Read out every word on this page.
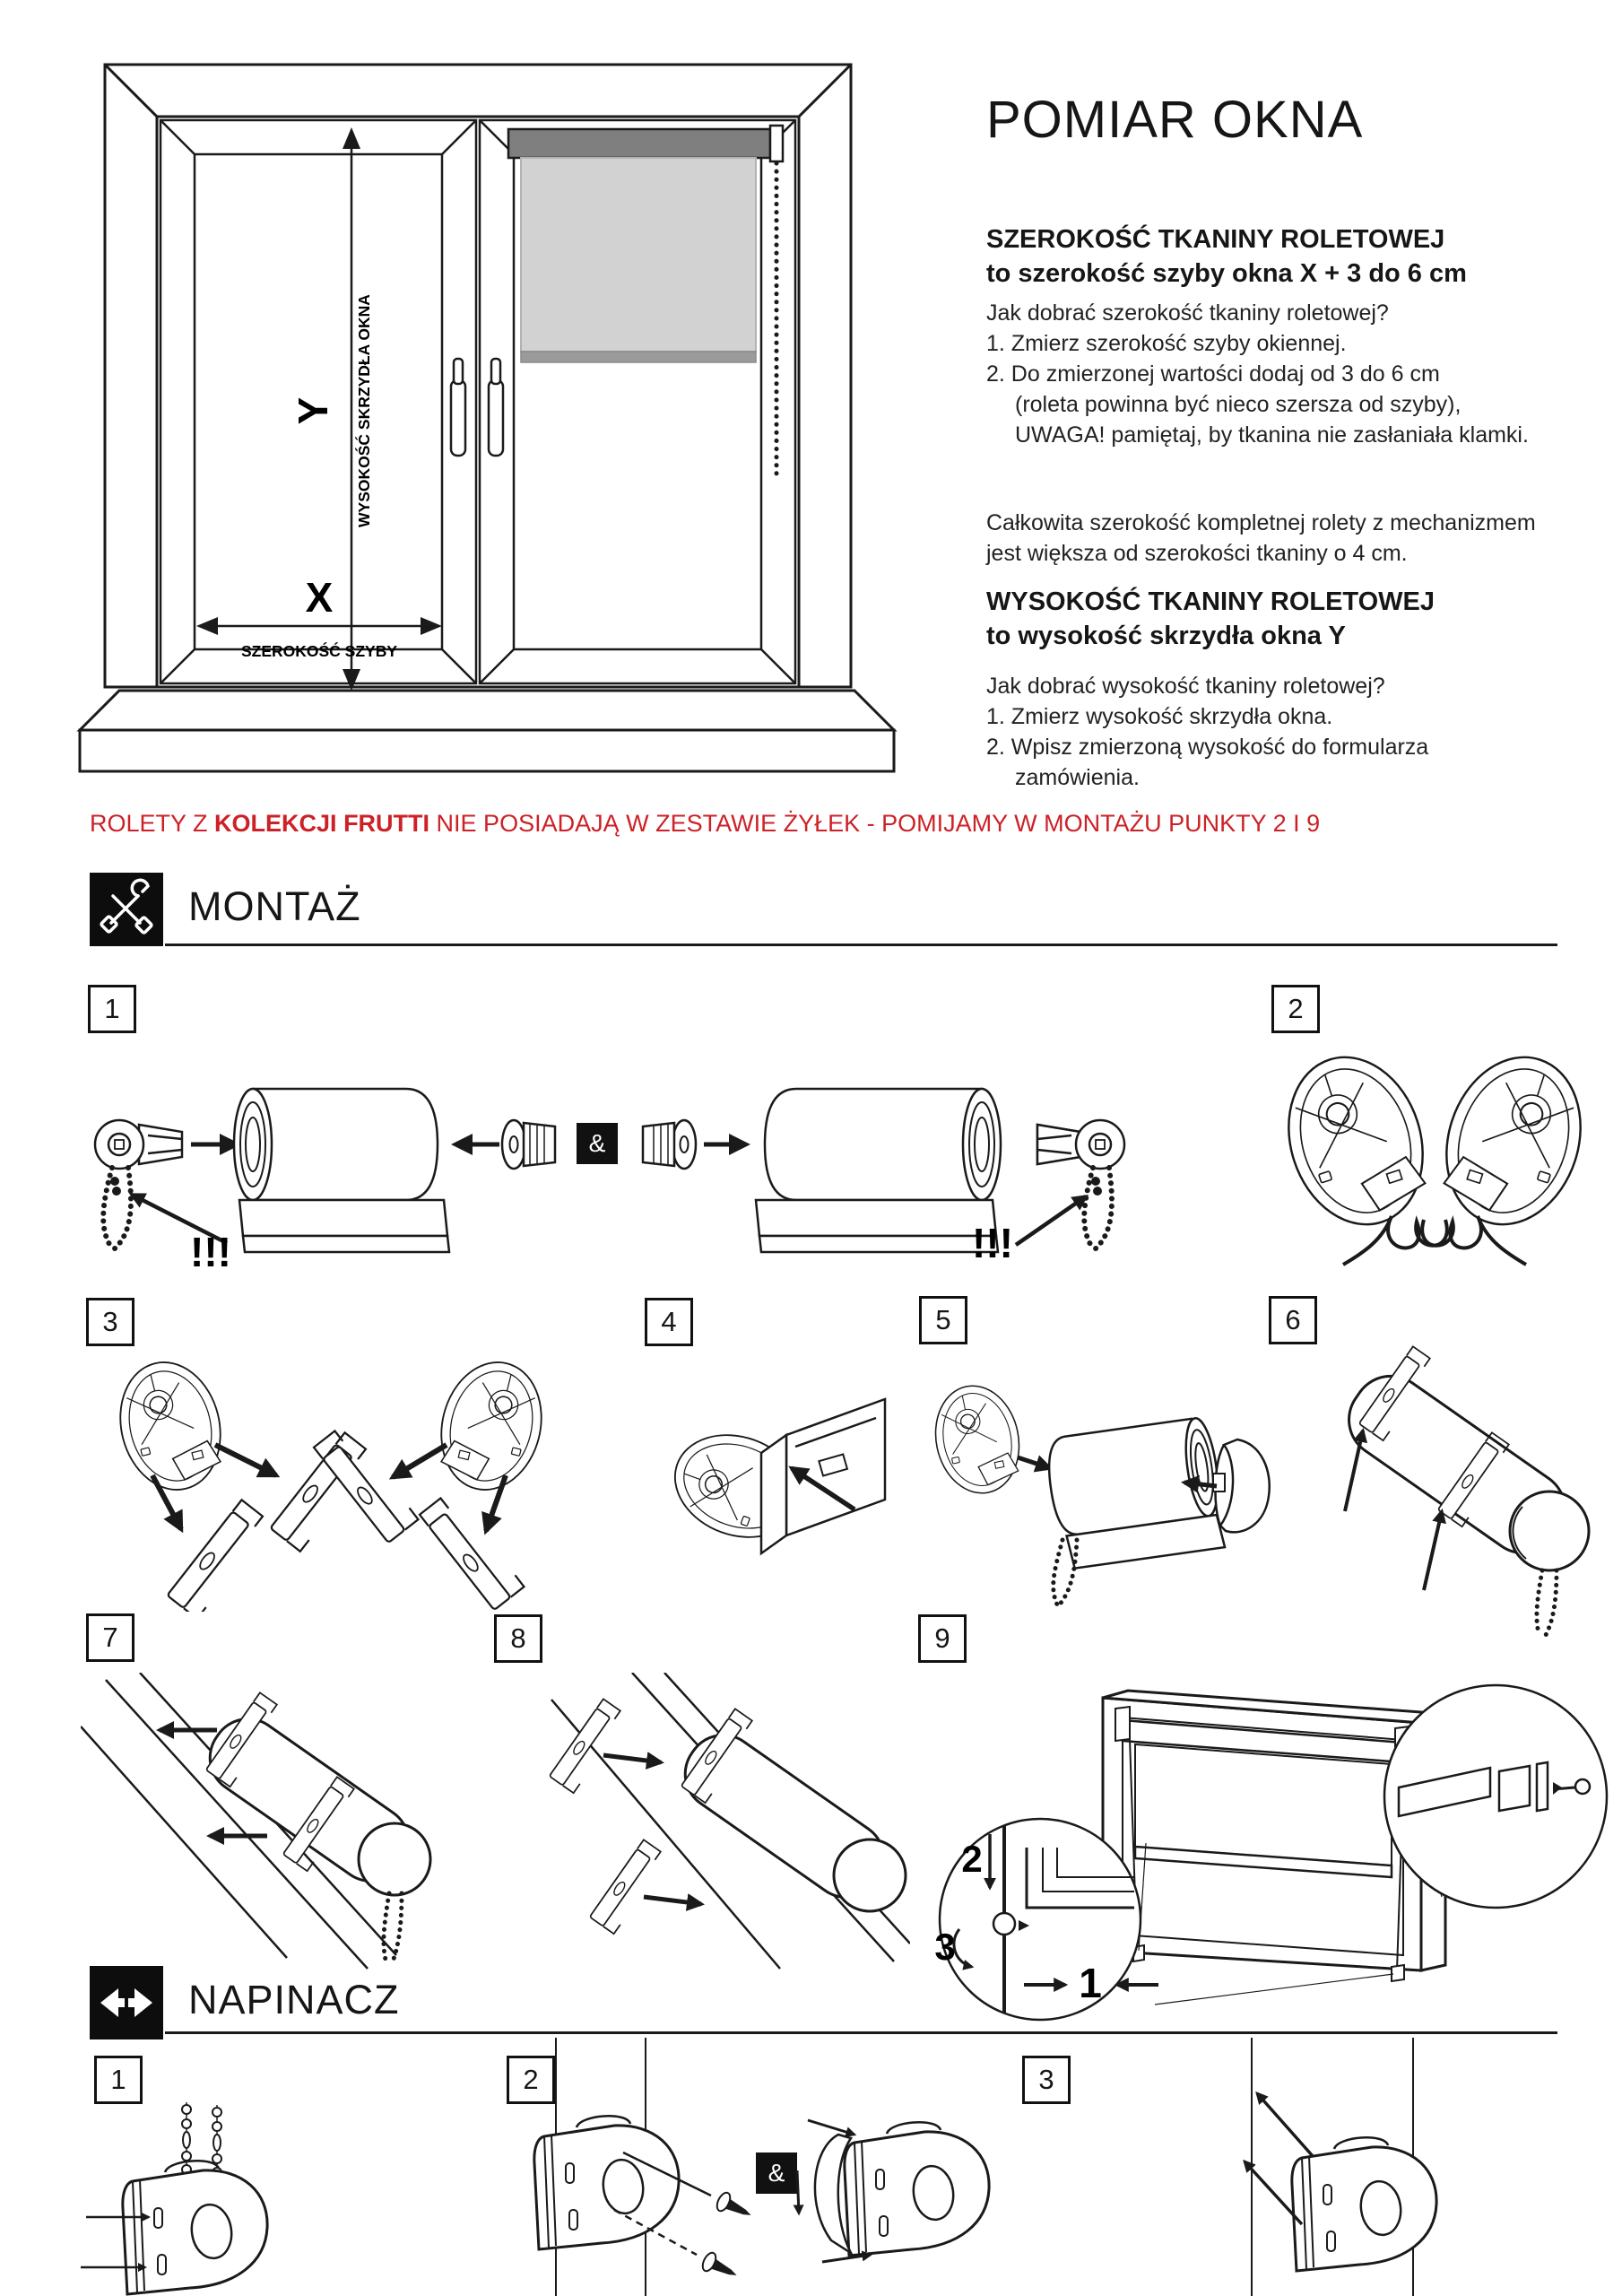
Y WYSOKOŚĆ SKRZYDŁA OKNA
X
SZEROKOŚĆ SZYBY
POMIAR OKNA
SZEROKOŚĆ TKANINY ROLETOWEJ
to szerokość szyby okna X + 3 do 6 cm
Jak dobrać szerokość tkaniny roletowej?
1. Zmierz szerokość szyby okiennej.
2. Do zmierzonej wartości dodaj od 3 do 6 cm
(roleta powinna być nieco szersza od szyby),
UWAGA! pamiętaj, by tkanina nie zasłaniała klamki.
Całkowita szerokość kompletnej rolety z mechanizmem
jest większa od szerokości tkaniny o 4 cm.
WYSOKOŚĆ TKANINY ROLETOWEJ
to wysokość skrzydła okna Y
Jak dobrać wysokość tkaniny roletowej?
1. Zmierz wysokość skrzydła okna.
2. Wpisz zmierzoną wysokość do formularza
zamówienia.
ROLETY Z KOLEKCJI FRUTTI NIE POSIADAJĄ W ZESTAWIE ŻYŁEK - POMIJAMY W MONTAŻU PUNKTY 2 I 9
MONTAŻ
1	2
3	4	5	6
7	8	9
!!!
&
!!!
2
3
1
NAPINACZ
1	2	3
&
